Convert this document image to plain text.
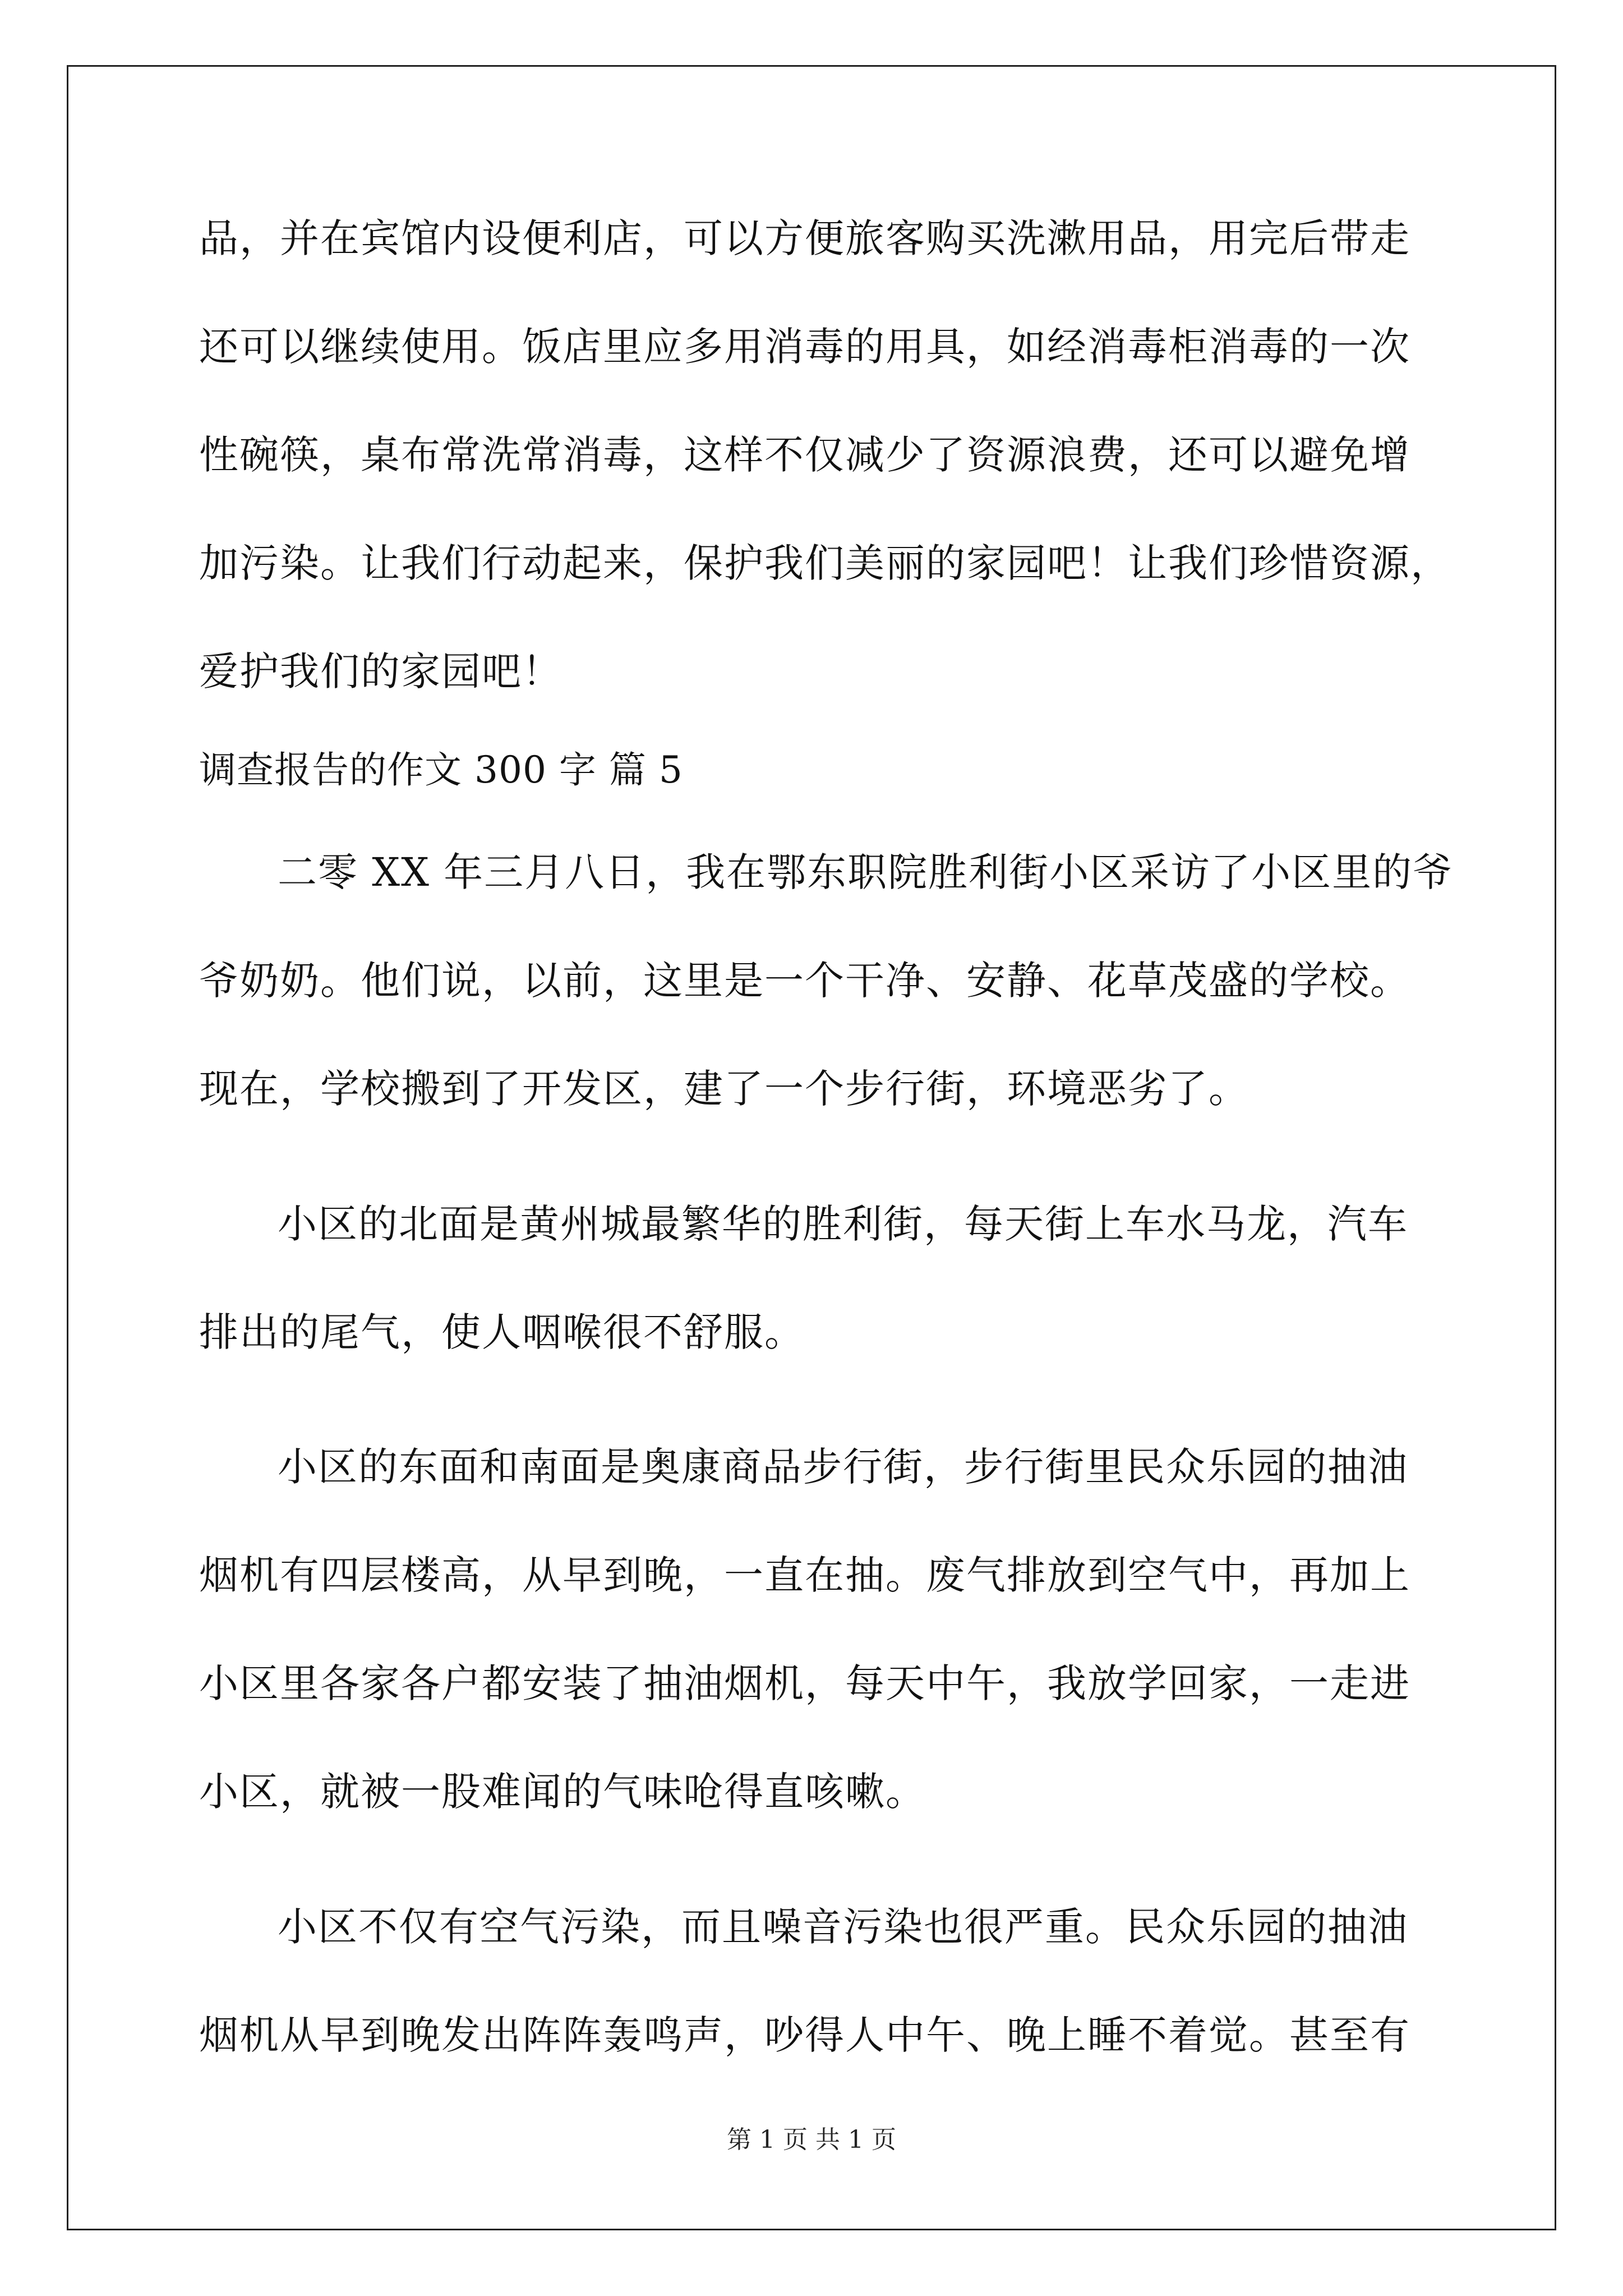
品，并在宾馆内设便利店，可以方便旅客购买洗漱用品，用完后带走
还可以继续使用。饭店里应多用消毒的用具，如经消毒柜消毒的一次
性碗筷，桌布常洗常消毒，这样不仅减少了资源浪费，还可以避免增
加污染。让我们行动起来，保护我们美丽的家园吧！让我们珍惜资源，
爱护我们的家园吧！
调查报告的作文 300 字 篇 5
二零 XX 年三月八日，我在鄂东职院胜利街小区采访了小区里的爷
爷奶奶。他们说，以前，这里是一个干净、安静、花草茂盛的学校。
现在，学校搬到了开发区，建了一个步行街，环境恶劣了。
小区的北面是黄州城最繁华的胜利街，每天街上车水马龙，汽车
排出的尾气，使人咽喉很不舒服。
小区的东面和南面是奥康商品步行街，步行街里民众乐园的抽油
烟机有四层楼高，从早到晚，一直在抽。废气排放到空气中，再加上
小区里各家各户都安装了抽油烟机，每天中午，我放学回家，一走进
小区，就被一股难闻的气味呛得直咳嗽。
小区不仅有空气污染，而且噪音污染也很严重。民众乐园的抽油
烟机从早到晚发出阵阵轰鸣声，吵得人中午、晚上睡不着觉。甚至有
第 1 页 共 1 页
